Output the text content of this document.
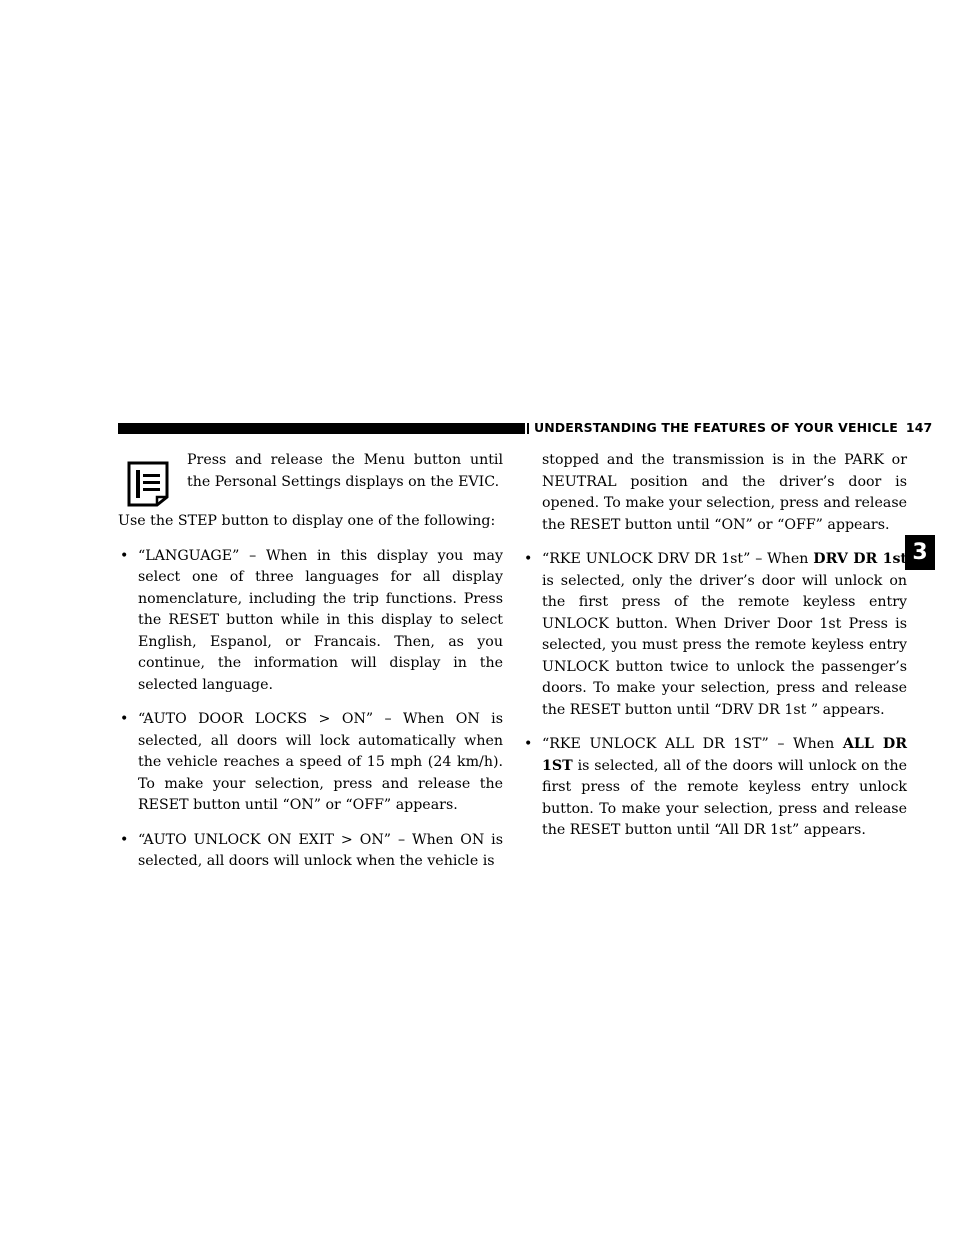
UNDERSTANDING THE FEATURES OF YOUR VEHICLE 147
3

Press and release the Menu button until the Personal Settings displays on the EVIC.

Use the STEP button to display one of the following:

• “LANGUAGE” – When in this display you may select one of three languages for all display nomenclature, including the trip functions. Press the RESET button while in this display to select English, Espanol, or Francais. Then, as you continue, the information will display in the selected language.
• “AUTO DOOR LOCKS > ON” – When ON is selected, all doors will lock automatically when the vehicle reaches a speed of 15 mph (24 km/h). To make your selection, press and release the RESET button until “ON” or “OFF” appears.
• “AUTO UNLOCK ON EXIT > ON” – When ON is selected, all doors will unlock when the vehicle is

stopped and the transmission is in the PARK or NEUTRAL position and the driver’s door is opened. To make your selection, press and release the RESET button until “ON” or “OFF” appears.

• “RKE UNLOCK DRV DR 1st” – When DRV DR 1st is selected, only the driver’s door will unlock on the first press of the remote keyless entry UNLOCK button. When Driver Door 1st Press is selected, you must press the remote keyless entry UNLOCK button twice to unlock the passenger’s doors. To make your selection, press and release the RESET button until “DRV DR 1st ” appears.
• “RKE UNLOCK ALL DR 1ST” – When ALL DR 1ST is selected, all of the doors will unlock on the first press of the remote keyless entry unlock button. To make your selection, press and release the RESET button until “All DR 1st” appears.
